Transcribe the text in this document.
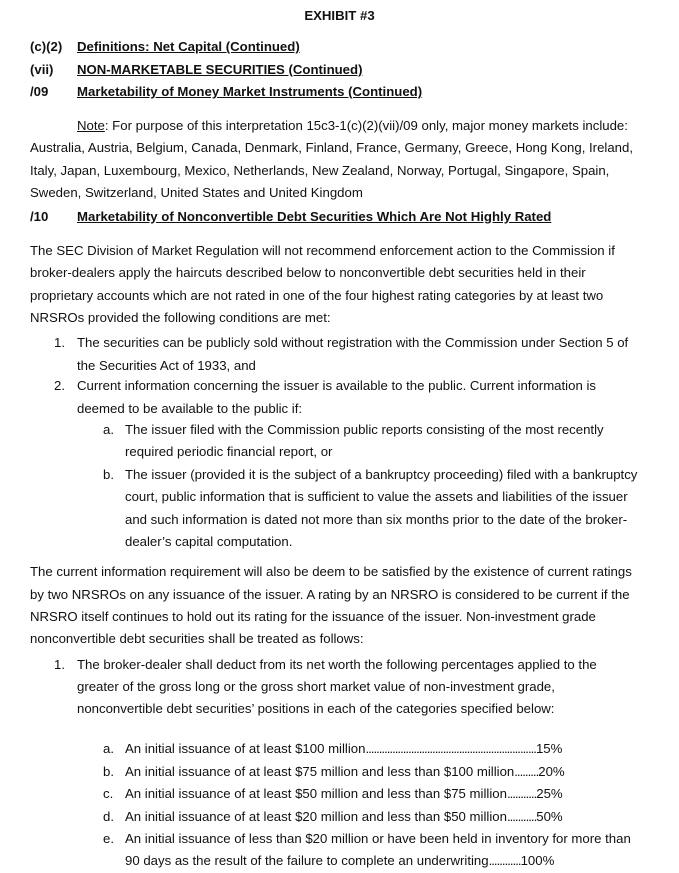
EXHIBIT #3
(c)(2) Definitions: Net Capital (Continued)
(vii) NON-MARKETABLE SECURITIES (Continued)
/09 Marketability of Money Market Instruments (Continued)
Note: For purpose of this interpretation 15c3-1(c)(2)(vii)/09 only, major money markets include:
Australia, Austria, Belgium, Canada, Denmark, Finland, France, Germany, Greece, Hong Kong, Ireland,
Italy, Japan, Luxembourg, Mexico, Netherlands, New Zealand, Norway, Portugal, Singapore, Spain,
Sweden, Switzerland, United States and United Kingdom
/10 Marketability of Nonconvertible Debt Securities Which Are Not Highly Rated
The SEC Division of Market Regulation will not recommend enforcement action to the Commission if
broker-dealers apply the haircuts described below to nonconvertible debt securities held in their
proprietary accounts which are not rated in one of the four highest rating categories by at least two
NRSROs provided the following conditions are met:
1. The securities can be publicly sold without registration with the Commission under Section 5 of
the Securities Act of 1933, and
2. Current information concerning the issuer is available to the public. Current information is
deemed to be available to the public if:
a. The issuer filed with the Commission public reports consisting of the most recently
required periodic financial report, or
b. The issuer (provided it is the subject of a bankruptcy proceeding) filed with a bankruptcy
court, public information that is sufficient to value the assets and liabilities of the issuer
and such information is dated not more than six months prior to the date of the broker-
dealer’s capital computation.
The current information requirement will also be deem to be satisfied by the existence of current ratings
by two NRSROs on any issuance of the issuer. A rating by an NRSRO is considered to be current if the
NRSRO itself continues to hold out its rating for the issuance of the issuer. Non-investment grade
nonconvertible debt securities shall be treated as follows:
1. The broker-dealer shall deduct from its net worth the following percentages applied to the
greater of the gross long or the gross short market value of non-investment grade,
nonconvertible debt securities’ positions in each of the categories specified below:
a. An initial issuance of at least $100 million................................................................15%
b. An initial issuance of at least $75 million and less than $100 million.........20%
c. An initial issuance of at least $50 million and less than $75 million...........25%
d. An initial issuance of at least $20 million and less than $50 million...........50%
e. An initial issuance of less than $20 million or have been held in inventory for more than
90 days as the result of the failure to complete an underwriting............100%
